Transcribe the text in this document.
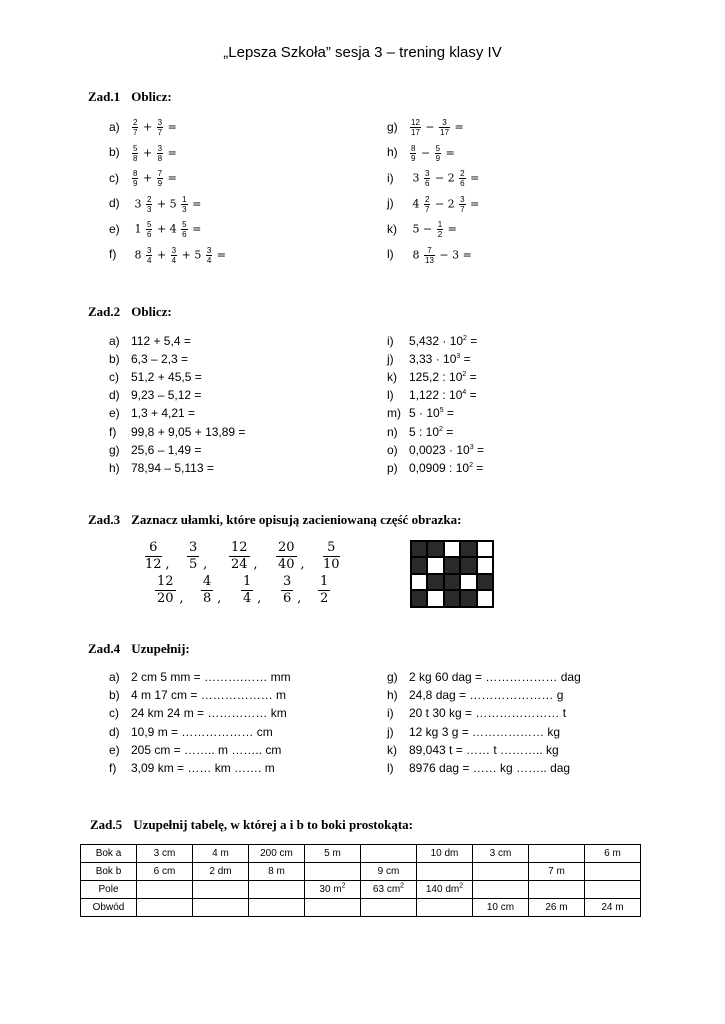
„Lepsza Szkoła” sesja 3 – trening klasy IV
Zad.1 Oblicz:
$a) \frac{2}{7} + \frac{3}{7}$ =
$b) \frac{5}{8} + \frac{3}{8}$ =
$c) \frac{8}{9} + \frac{7}{9}$ =
d) $3 \frac{2}{3} + 5 \frac{1}{3}$ =
e) $1 \frac{5}{6} + 4 \frac{5}{6}$ =
f) $8 \frac{3}{4} + \frac{3}{4} + 5 \frac{3}{4}$ =
$g) \frac{12}{17} - \frac{3}{17}$ =
$h) \frac{8}{9} - \frac{5}{9}$ =
i) $3 \frac{3}{6} - 2 \frac{2}{6}$ =
j) $4 \frac{2}{7} - 2 \frac{3}{7}$ =
k) $5 - \frac{1}{2}$ =
l) $8 \frac{7}{13} - 3$ =
Zad.2 Oblicz:
a) 112 + 5,4 =
b) 6,3 – 2,3 =
c) 51,2 + 45,5 =
d) 9,23 – 5,12 =
e) 1,3 + 4,21 =
f) 99,8 + 9,05 + 13,89 =
g) 25,6 – 1,49 =
h) 78,94 – 5,113 =
i) $5,432 \cdot 10^2$ =
j) $3,33 \cdot 10^3$ =
k) 125,2 : $10^2$ =
l) 1,122 : $10^4$ =
m) $5 \cdot 10^5$ =
n) 5 : $10^2$ =
o) $0,0023 \cdot 10^3$ =
p) 0,0909 : $10^2$ =
Zad.3 Zaznacz ułamki, które opisują zacieniowaną część obrazka:
6
12 ,
3
5 ,
12
24 ,
20
40 , $\frac{5}{10}$
12
20 ,
4
8 ,
1
4 ,
3
6 , $\frac{1}{2}$
Zad.4 Uzupełnij:
a) 2 cm 5 mm = ……….…… mm
b) 4 m 17 cm = ……………… m
c) 24 km 24 m = …………… km
d) 10,9 m = ……………… cm
e) 205 cm = …….. m …….. cm
f) 3,09 km = …… km ……. m
g) 2 kg 60 dag = ……………… dag
h) 24,8 dag = ………………… g
i) 20 t 30 kg = ………………… t
j) 12 kg 3 g = ……………… kg
k) 89,043 t = …… t ……….. kg
l) 8976 dag = …… kg …….. dag
Zad.5 Uzupełnij tabelę, w której a i b to boki prostokąta:
Bok a	3 cm	4 m	200 cm	5 m		10 dm	3 cm		6 m
Bok b	6 cm	2 dm	8 m		9 cm			7 m	
Pole				30 $m^2$	63 $cm^2$	140 $dm^2$			
Obwód							10 cm	26 m	24 m
